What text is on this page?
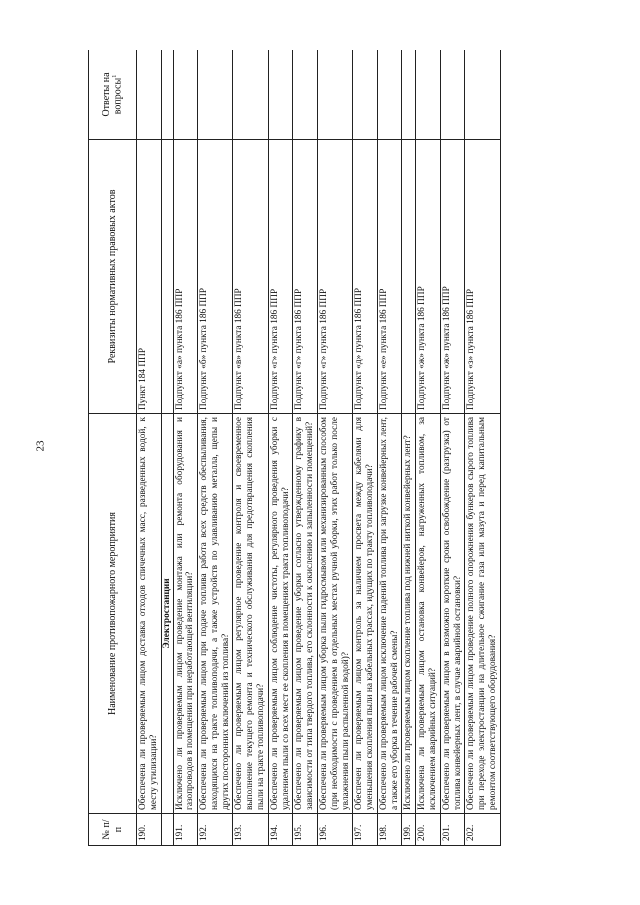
23
№ п/п	Наименование противопожарного мероприятия	Реквизиты нормативных правовых актов	Ответы на вопросы$^1$
190.	Обеспечена ли проверяемым лицом доставка отходов спичечных масс, разведенных водой, к месту утилизации?	Пункт 184 ППР	
	Электростанции		
191.	Исключено ли проверяемым лицом проведение монтажа или ремонта оборудования и газопроводов в помещении при неработающей вентиляции?	Подпункт «а» пункта 186 ППР	
192.	Обеспечена ли проверяемым лицом при подаче топлива работа всех средств обеспыливания, находящихся на тракте топливоподачи, а также устройств по улавливанию металла, щепы и других посторонних включений из топлива?	Подпункт «б» пункта 186 ППР	
193.	Обеспечено ли проверяемым лицом регулярное проведение контроля и своевременное выполнение текущего ремонта и технического обслуживания для предотвращения скопления пыли на тракте топливоподачи?	Подпункт «в» пункта 186 ППР	
194.	Обеспечено ли проверяемым лицом соблюдение чистоты, регулярного проведения уборки с удалением пыли со всех мест ее скопления в помещениях тракта топливоподачи?	Подпункт «г» пункта 186 ППР	
195.	Обеспечено ли проверяемым лицом проведение уборки согласно утвержденному графику в зависимости от типа твердого топлива, его склонности к окислению и запыленности помещений?	Подпункт «г» пункта 186 ППР	
196.	Обеспечена ли проверяемым лицом уборка пыли гидросмывом или механизированным способом (при необходимости с проведением в отдельных местах ручной уборки, этих работ только после увлажнения пыли распыленной водой)?	Подпункт «г» пункта 186 ППР	
197.	Обеспечен ли проверяемым лицом контроль за наличием просвета между кабелями для уменьшения скопления пыли на кабельных трассах, идущих по тракту топливоподачи?	Подпункт «д» пункта 186 ППР	
198.	Обеспечено ли проверяемым лицом исключение падений топлива при загрузке конвейерных лент, а также его уборка в течение рабочей смены?	Подпункт «е» пункта 186 ППР	
199.	Исключено ли проверяемым лицом скопление топлива под нижней ниткой конвейерных лент?		
200.	Исключена ли проверяемым лицом остановка конвейеров, нагруженных топливом, за исключением аварийных ситуаций?	Подпункт «ж» пункта 186 ППР	
201.	Обеспечено ли проверяемым лицом в возможно короткие сроки освобождение (разгрузка) от топлива конвейерных лент, в случае аварийной остановки?	Подпункт «ж» пункта 186 ППР	
202.	Обеспечено ли проверяемым лицом проведение полного опорожнения бункеров сырого топлива при переходе электростанции на длительное сжигание газа или мазута и перед капитальным ремонтом соответствующего оборудования?	Подпункт «з» пункта 186 ППР	
